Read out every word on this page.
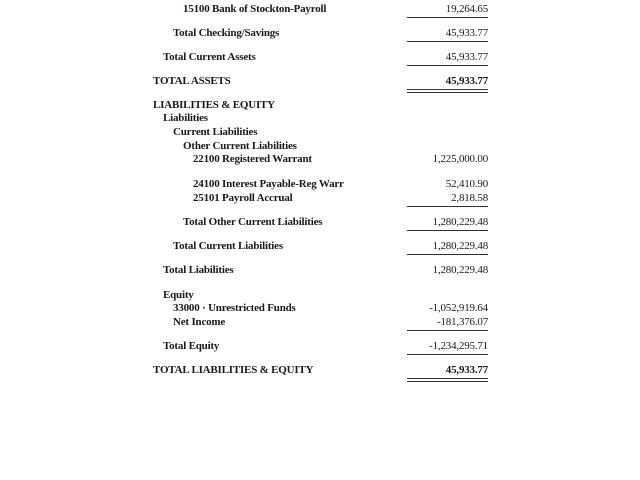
15100 Bank of Stockton-Payroll	19,264.65
Total Checking/Savings	45,933.77
Total Current Assets	45,933.77
TOTAL ASSETS	45,933.77
LIABILITIES & EQUITY
Liabilities
Current Liabilities
Other Current Liabilities
22100 Registered Warrant	1,225,000.00
24100 Interest Payable-Reg Warr	52,410.90
25101 Payroll Accrual	2,818.58
Total Other Current Liabilities	1,280,229.48
Total Current Liabilities	1,280,229.48
Total Liabilities	1,280,229.48
Equity
33000 · Unrestricted Funds	-1,052,919.64
Net Income	-181,376.07
Total Equity	-1,234,295.71
TOTAL LIABILITIES & EQUITY	45,933.77
